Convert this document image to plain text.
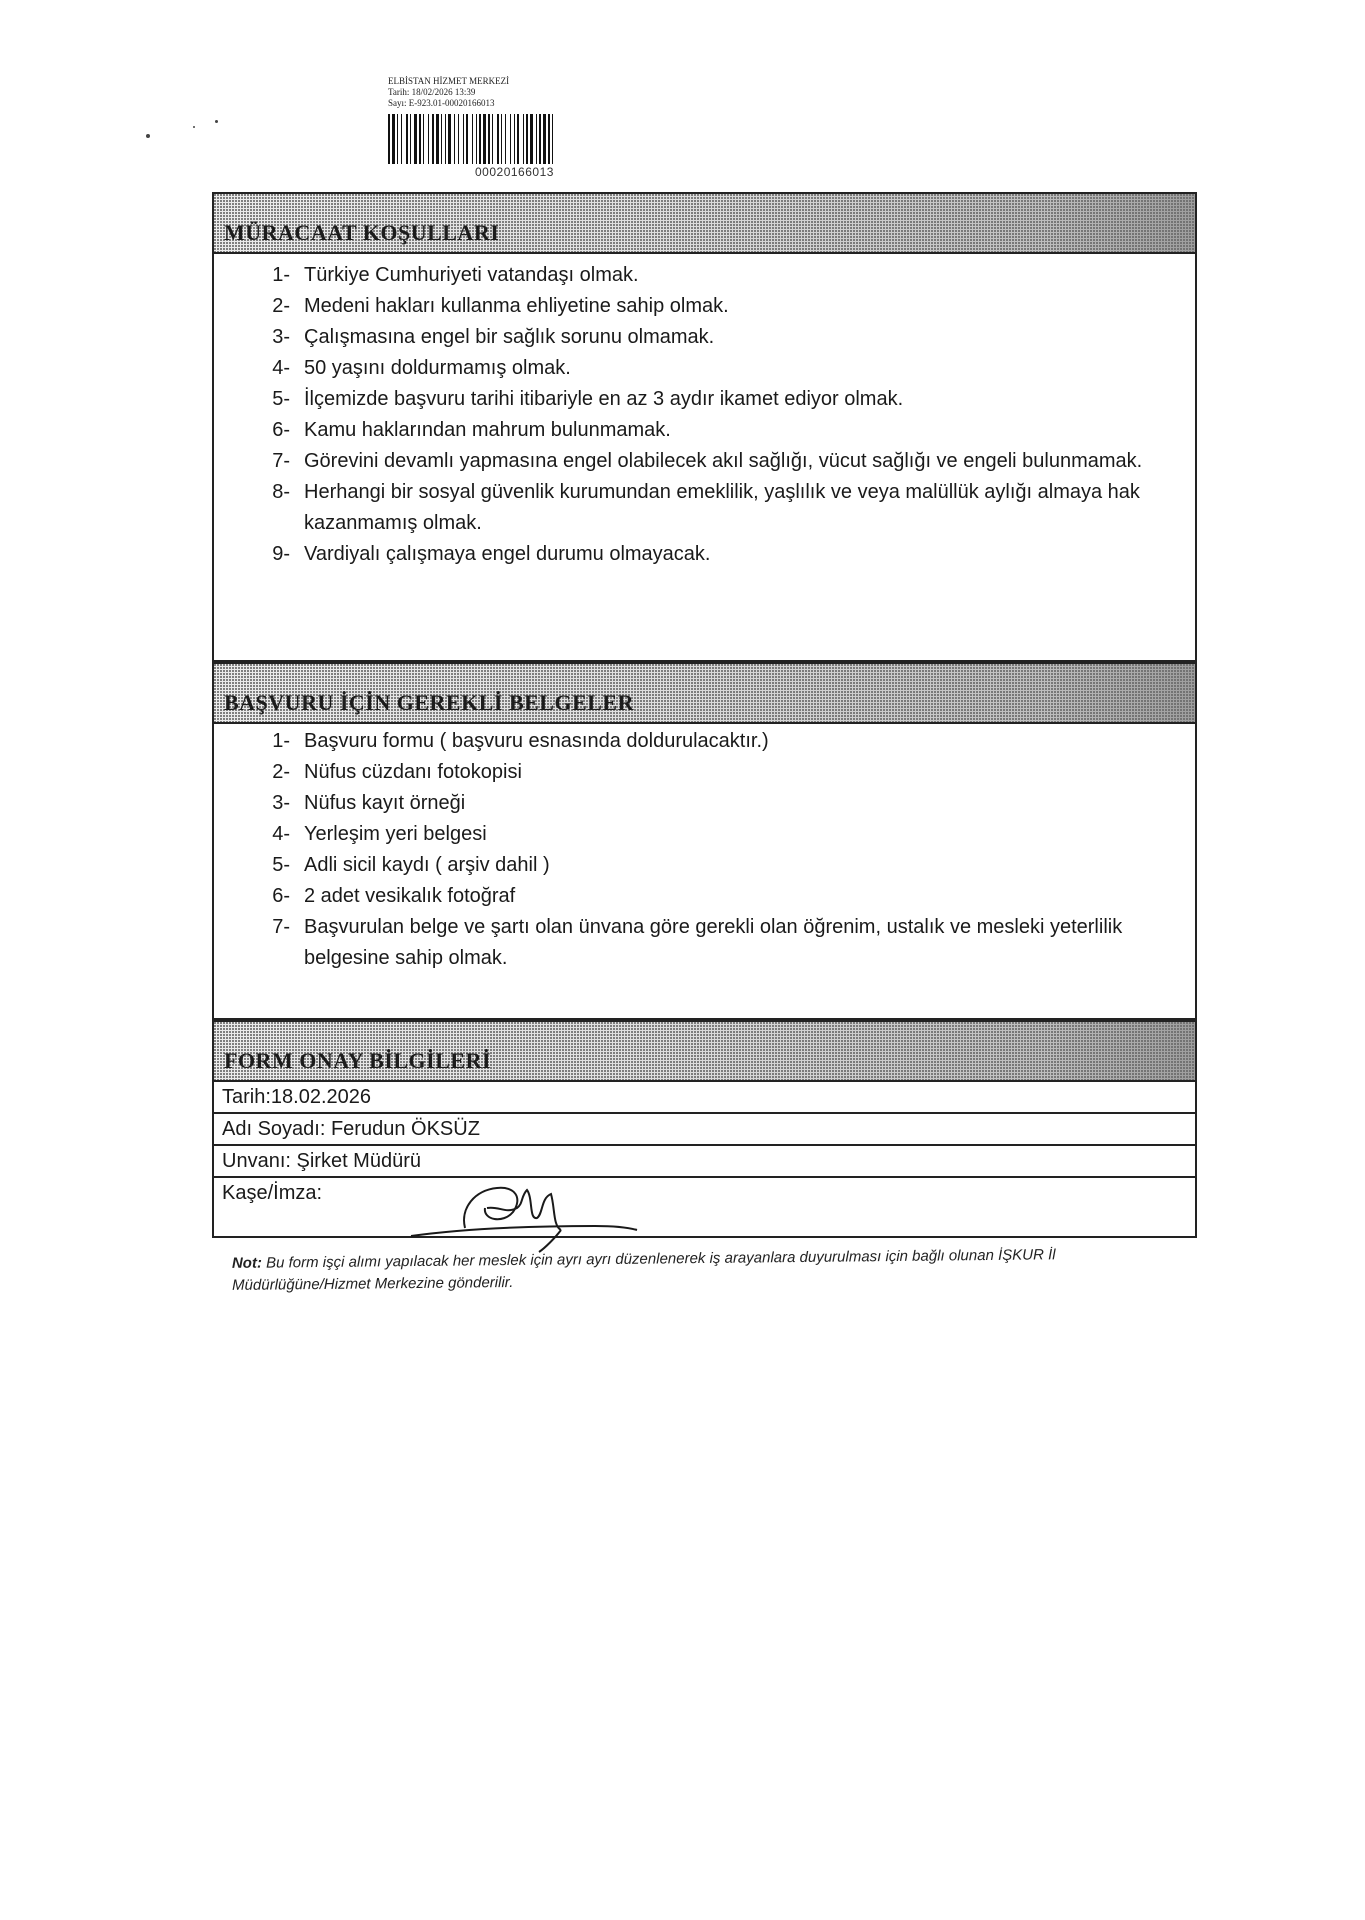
ELBİSTAN HİZMET MERKEZİ
Tarih: 18/02/2026 13:39
Sayı: E-923.01-00020166013
00020166013
MÜRACAAT KOŞULLARI
1- Türkiye Cumhuriyeti vatandaşı olmak.
2- Medeni hakları kullanma ehliyetine sahip olmak.
3- Çalışmasına engel bir sağlık sorunu olmamak.
4- 50 yaşını doldurmamış olmak.
5- İlçemizde başvuru tarihi itibariyle en az 3 aydır ikamet ediyor olmak.
6- Kamu haklarından mahrum bulunmamak.
7- Görevini devamlı yapmasına engel olabilecek akıl sağlığı, vücut sağlığı ve engeli bulunmamak.
8- Herhangi bir sosyal güvenlik kurumundan emeklilik, yaşlılık ve veya malüllük aylığı almaya hak kazanmamış olmak.
9- Vardiyalı çalışmaya engel durumu olmayacak.
BAŞVURU İÇİN GEREKLİ BELGELER
1- Başvuru formu ( başvuru esnasında doldurulacaktır.)
2- Nüfus cüzdanı fotokopisi
3- Nüfus kayıt örneği
4- Yerleşim yeri belgesi
5- Adli sicil kaydı ( arşiv dahil )
6- 2 adet vesikalık fotoğraf
7- Başvurulan belge ve şartı olan ünvana göre gerekli olan öğrenim, ustalık ve mesleki yeterlilik belgesine sahip olmak.
FORM ONAY BİLGİLERİ
Tarih:18.02.2026
Adı Soyadı: Ferudun ÖKSÜZ
Unvanı: Şirket Müdürü
Kaşe/İmza:
Not: Bu form işçi alımı yapılacak her meslek için ayrı ayrı düzenlenerek iş arayanlara duyurulması için bağlı olunan İŞKUR İl Müdürlüğüne/Hizmet Merkezine gönderilir.
